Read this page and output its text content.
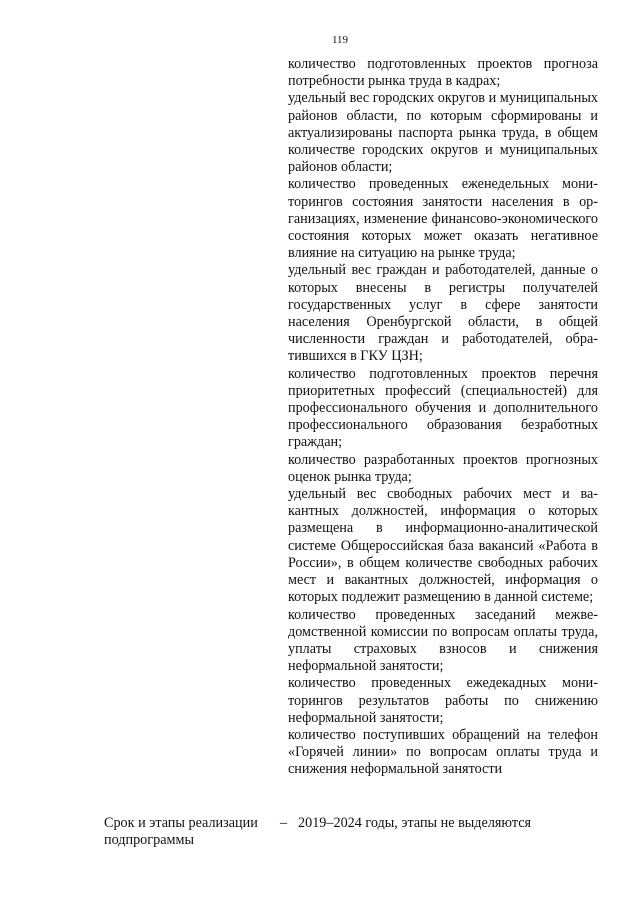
119
количество подготовленных проектов прогноза потребности рынка труда в кадрах;
удельный вес городских округов и муниципальных районов области, по которым сформированы и актуализированы паспорта рынка труда, в общем количестве городских округов и муниципальных районов области;
количество проведенных еженедельных мониторингов состояния занятости населения в организациях, изменение финансово-экономического состояния которых может оказать негативное влияние на ситуацию на рынке труда;
удельный вес граждан и работодателей, данные о которых внесены в регистры получателей государственных услуг в сфере занятости населения Оренбургской области, в общей численности граждан и работодателей, обратившихся в ГКУ ЦЗН;
количество подготовленных проектов перечня приоритетных профессий (специальностей) для профессионального обучения и дополнительного профессионального образования безработных граждан;
количество разработанных проектов прогнозных оценок рынка труда;
удельный вес свободных рабочих мест и вакантных должностей, информация о которых размещена в информационно-аналитической системе Общероссийская база вакансий «Работа в России», в общем количестве свободных рабочих мест и вакантных должностей, информация о которых подлежит размещению в данной системе;
количество проведенных заседаний межведомственной комиссии по вопросам оплаты труда, уплаты страховых взносов и снижения неформальной занятости;
количество проведенных ежедекадных мониторингов результатов работы по снижению неформальной занятости;
количество поступивших обращений на телефон «Горячей линии» по вопросам оплаты труда и снижения неформальной занятости
Срок и этапы реализации подпрограммы
– 2019–2024 годы, этапы не выделяются
